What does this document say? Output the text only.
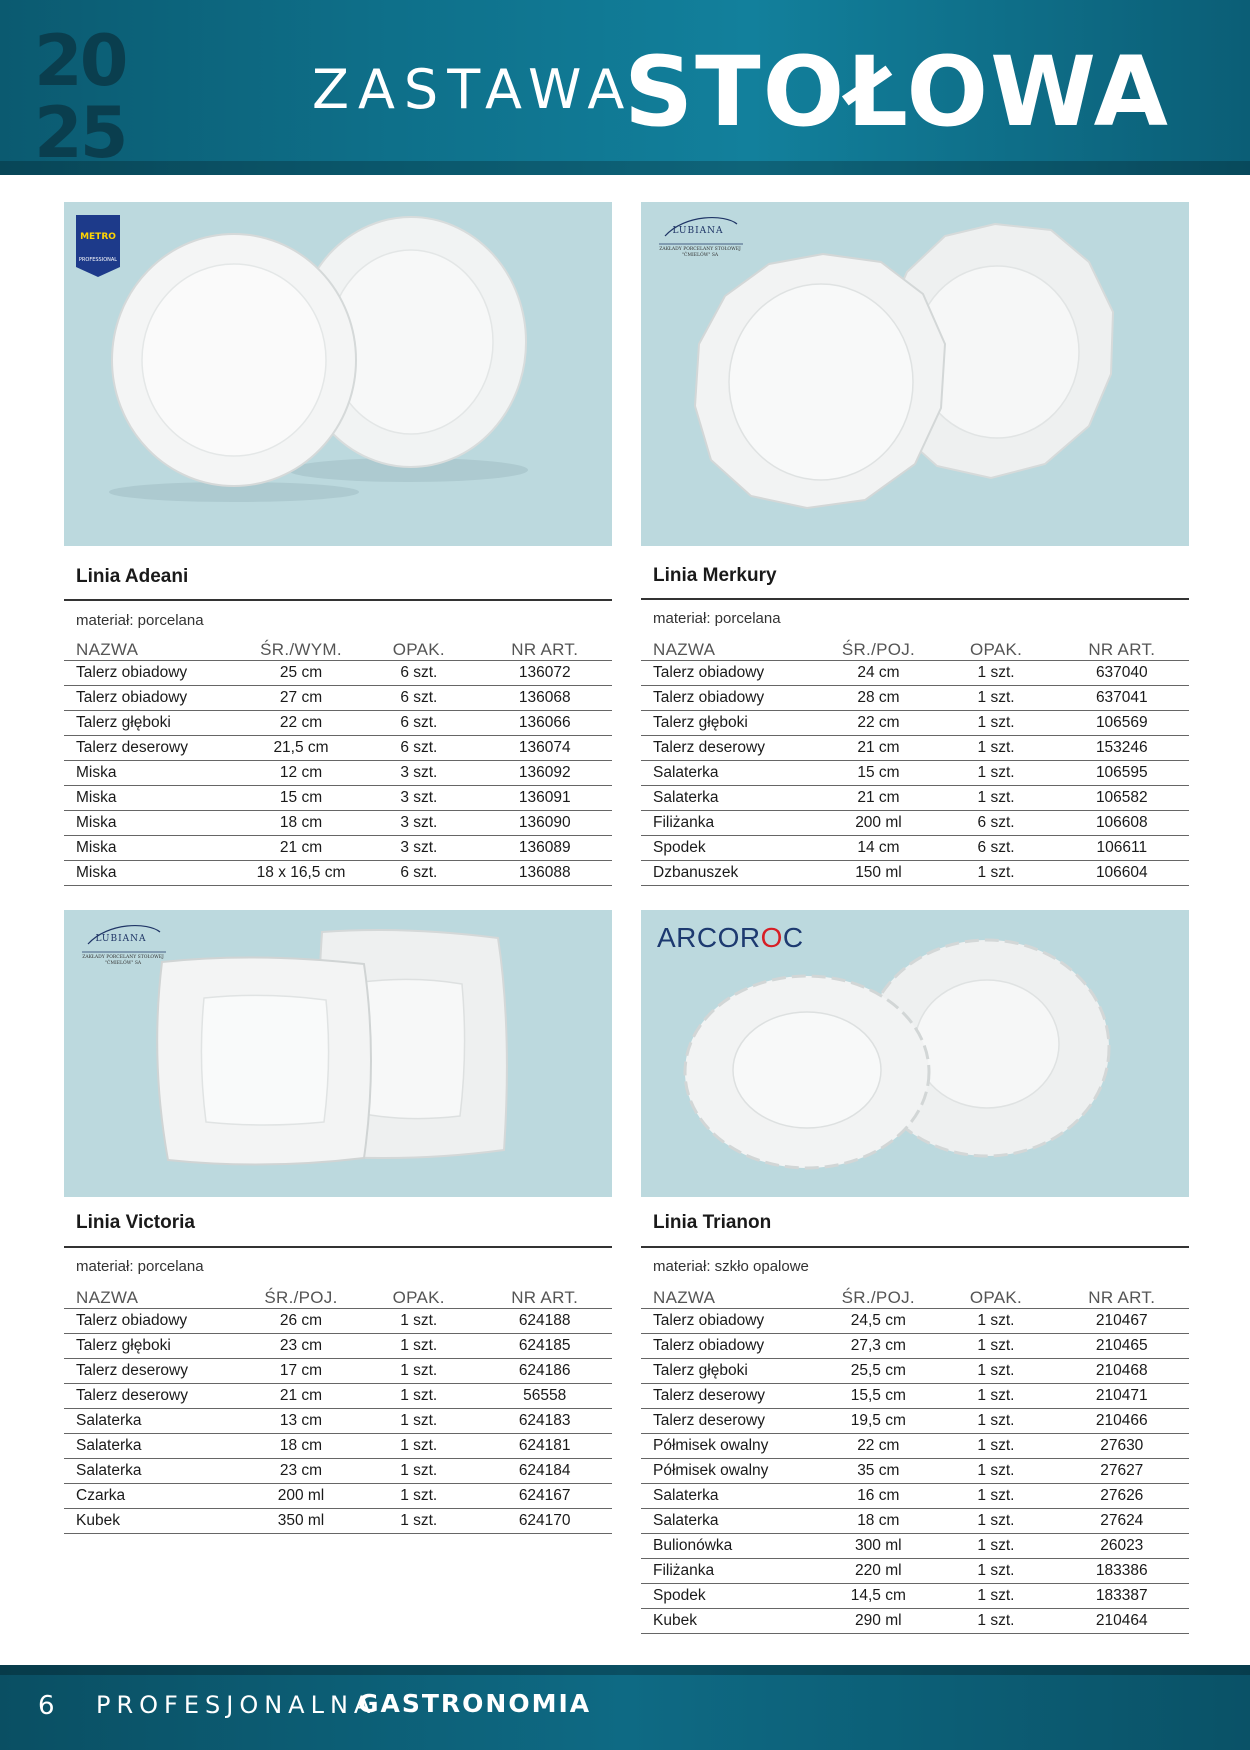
20
25
ZASTAWA
STOŁOWA
METRO
PROFESSIONAL
Linia Adeani
materiał: porcelana
NAZWA	ŚR./WYM.	OPAK.	NR ART.
Talerz obiadowy	25 cm	6 szt.	136072
Talerz obiadowy	27 cm	6 szt.	136068
Talerz głęboki	22 cm	6 szt.	136066
Talerz deserowy	21,5 cm	6 szt.	136074
Miska	12 cm	3 szt.	136092
Miska	15 cm	3 szt.	136091
Miska	18 cm	3 szt.	136090
Miska	21 cm	3 szt.	136089
Miska	18 x 16,5 cm	6 szt.	136088
LUBIANA
ZAKŁADY PORCELANY STOŁOWEJ "ĆMIELÓW" SA
Linia Merkury
materiał: porcelana
NAZWA	ŚR./POJ.	OPAK.	NR ART.
Talerz obiadowy	24 cm	1 szt.	637040
Talerz obiadowy	28 cm	1 szt.	637041
Talerz głęboki	22 cm	1 szt.	106569
Talerz deserowy	21 cm	1 szt.	153246
Salaterka	15 cm	1 szt.	106595
Salaterka	21 cm	1 szt.	106582
Filiżanka	200 ml	6 szt.	106608
Spodek	14 cm	6 szt.	106611
Dzbanuszek	150 ml	1 szt.	106604
LUBIANA
ZAKŁADY PORCELANY STOŁOWEJ "ĆMIELÓW" SA
Linia Victoria
materiał: porcelana
NAZWA	ŚR./POJ.	OPAK.	NR ART.
Talerz obiadowy	26 cm	1 szt.	624188
Talerz głęboki	23 cm	1 szt.	624185
Talerz deserowy	17 cm	1 szt.	624186
Talerz deserowy	21 cm	1 szt.	56558
Salaterka	13 cm	1 szt.	624183
Salaterka	18 cm	1 szt.	624181
Salaterka	23 cm	1 szt.	624184
Czarka	200 ml	1 szt.	624167
Kubek	350 ml	1 szt.	624170
ARCOROC
Linia Trianon
materiał: szkło opalowe
NAZWA	ŚR./POJ.	OPAK.	NR ART.
Talerz obiadowy	24,5 cm	1 szt.	210467
Talerz obiadowy	27,3 cm	1 szt.	210465
Talerz głęboki	25,5 cm	1 szt.	210468
Talerz deserowy	15,5 cm	1 szt.	210471
Talerz deserowy	19,5 cm	1 szt.	210466
Półmisek owalny	22 cm	1 szt.	27630
Półmisek owalny	35 cm	1 szt.	27627
Salaterka	16 cm	1 szt.	27626
Salaterka	18 cm	1 szt.	27624
Bulionówka	300 ml	1 szt.	26023
Filiżanka	220 ml	1 szt.	183386
Spodek	14,5 cm	1 szt.	183387
Kubek	290 ml	1 szt.	210464
6 PROFESJONALNA
GASTRONOMIA
